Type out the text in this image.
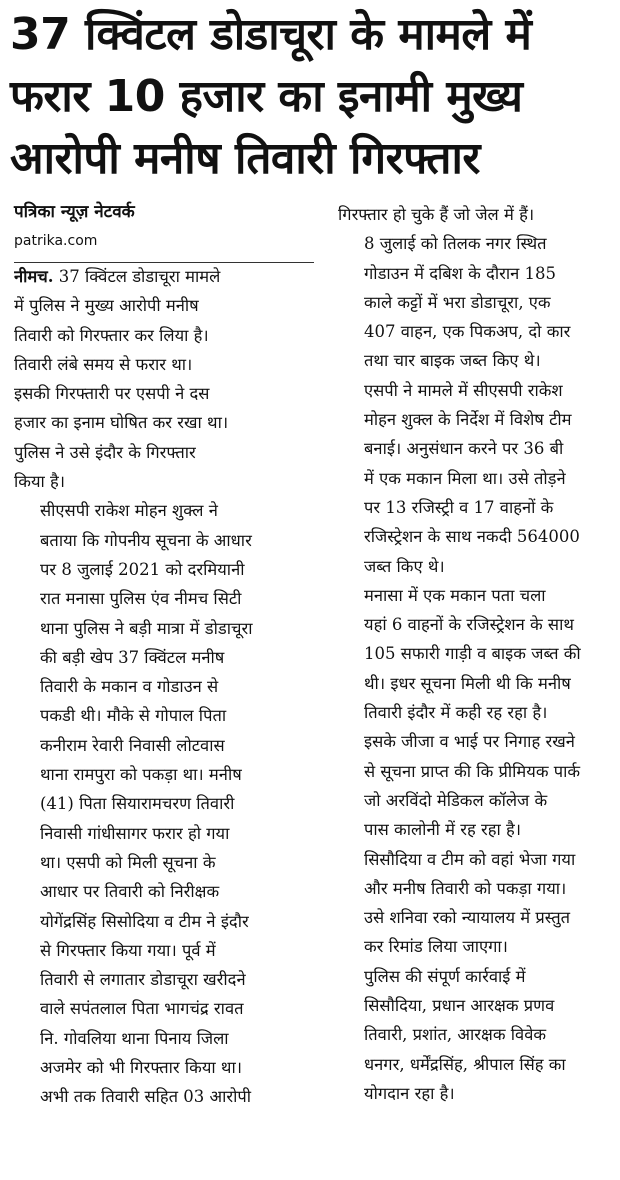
37 क्विंटल डोडाचूरा के मामले में
फरार 10 हजार का इनामी मुख्य
आरोपी मनीष तिवारी गिरफ्तार
पत्रिका न्यूज़ नेटवर्क
patrika.com

नीमच. 37 क्विंटल डोडाचूरा मामले
में पुलिस ने मुख्य आरोपी मनीष
तिवारी को गिरफ्तार कर लिया है।
तिवारी लंबे समय से फरार था।
इसकी गिरफ्तारी पर एसपी ने दस
हजार का इनाम घोषित कर रखा था।
पुलिस ने उसे इंदौर के गिरफ्तार
किया है।

सीएसपी राकेश मोहन शुक्ल ने
बताया कि गोपनीय सूचना के आधार
पर 8 जुलाई 2021 को दरमियानी
रात मनासा पुलिस एंव नीमच सिटी
थाना पुलिस ने बड़ी मात्रा में डोडाचूरा
की बड़ी खेप 37 क्विंटल मनीष
तिवारी के मकान व गोडाउन से
पकडी थी। मौके से गोपाल पिता
कनीराम रेवारी निवासी लोटवास
थाना रामपुरा को पकड़ा था। मनीष
(41) पिता सियारामचरण तिवारी
निवासी गांधीसागर फरार हो गया
था। एसपी को मिली सूचना के
आधार पर तिवारी को निरीक्षक
योगेंद्रसिंह सिसोदिया व टीम ने इंदौर
से गिरफ्तार किया गया। पूर्व में
तिवारी से लगातार डोडाचूरा खरीदने
वाले सपंतलाल पिता भागचंद्र रावत
नि. गोवलिया थाना पिनाय जिला
अजमेर को भी गिरफ्तार किया था।
अभी तक तिवारी सहित 03 आरोपी

गिरफ्तार हो चुके हैं जो जेल में हैं।

8 जुलाई को तिलक नगर स्थित
गोडाउन में दबिश के दौरान 185
काले कट्टों में भरा डोडाचूरा, एक
407 वाहन, एक पिकअप, दो कार
तथा चार बाइक जब्त किए थे।
एसपी ने मामले में सीएसपी राकेश
मोहन शुक्ल के निर्देश में विशेष टीम
बनाई। अनुसंधान करने पर 36 बी
में एक मकान मिला था। उसे तोड़ने
पर 13 रजिस्ट्री व 17 वाहनों के
रजिस्ट्रेशन के साथ नकदी 564000
जब्त किए थे।

मनासा में एक मकान पता चला
यहां 6 वाहनों के रजिस्ट्रेशन के साथ
105 सफारी गाड़ी व बाइक जब्त की
थी। इधर सूचना मिली थी कि मनीष
तिवारी इंदौर में कही रह रहा है।
इसके जीजा व भाई पर निगाह रखने
से सूचना प्राप्त की कि प्रीमियक पार्क
जो अरविंदो मेडिकल कॉलेज के
पास कालोनी में रह रहा है।
सिसौदिया व टीम को वहां भेजा गया
और मनीष तिवारी को पकड़ा गया।
उसे शनिवा रको न्यायालय में प्रस्तुत
कर रिमांड लिया जाएगा।

पुलिस की संपूर्ण कार्रवाई में
सिसौदिया, प्रधान आरक्षक प्रणव
तिवारी, प्रशांत, आरक्षक विवेक
धनगर, धर्मेंद्रसिंह, श्रीपाल सिंह का
योगदान रहा है।
